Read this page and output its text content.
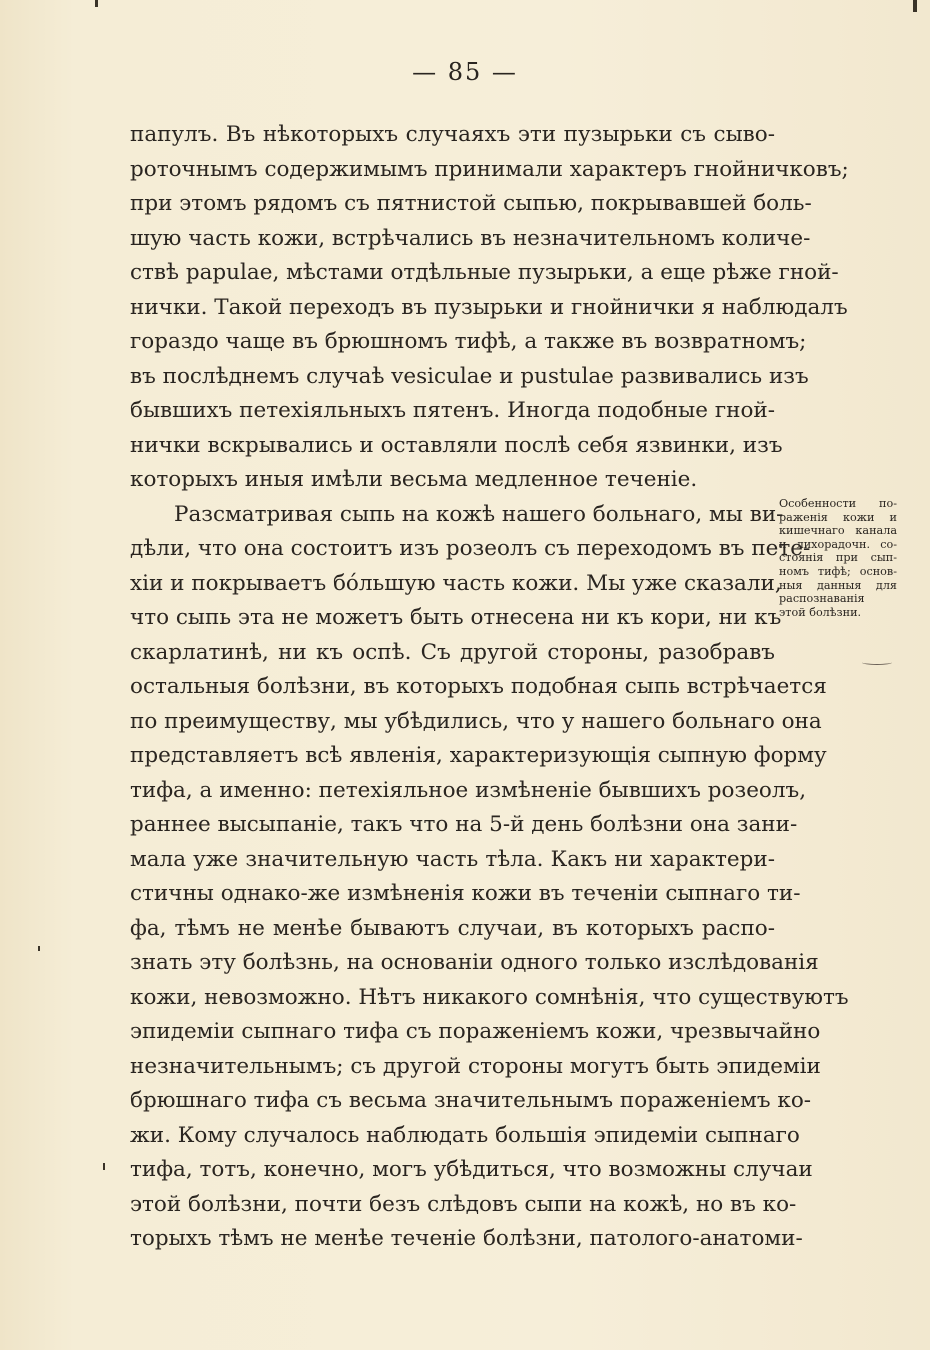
— 85 —
папулъ. Въ нѣкоторыхъ случаяхъ эти пузырьки съ сыво-
роточнымъ содержимымъ принимали характеръ гнойничковъ;
при этомъ рядомъ съ пятнистой сыпью, покрывавшей боль-
шую часть кожи, встрѣчались въ незначительномъ количе-
ствѣ papulae, мѣстами отдѣльные пузырьки, а еще рѣже гной-
нички. Такой переходъ въ пузырьки и гнойнички я наблюдалъ
гораздо чаще въ брюшномъ тифѣ, а также въ возвратномъ;
въ послѣднемъ случаѣ vesiculae и pustulae развивались изъ
бывшихъ петехіяльныхъ пятенъ. Иногда подобные гной-
нички вскрывались и оставляли послѣ себя язвинки, изъ
которыхъ иныя имѣли весьма медленное теченіе.
Разсматривая сыпь на кожѣ нашего больнаго, мы ви-
дѣли, что она состоитъ изъ розеолъ съ переходомъ въ пете-
хіи и покрываетъ бóльшую часть кожи. Мы уже сказали,
что сыпь эта не можетъ быть отнесена ни къ кори, ни къ
скарлатинѣ, ни къ оспѣ. Съ другой стороны, разобравъ
остальныя болѣзни, въ которыхъ подобная сыпь встрѣчается
по преимуществу, мы убѣдились, что у нашего больнаго она
представляетъ всѣ явленія, характеризующія сыпную форму
тифа, а именно: петехіяльное измѣненіе бывшихъ розеолъ,
раннее высыпаніе, такъ что на 5-й день болѣзни она зани-
мала уже значительную часть тѣла. Какъ ни характери-
стичны однако-же измѣненія кожи въ теченіи сыпнаго ти-
фа, тѣмъ не менѣе бываютъ случаи, въ которыхъ распо-
знать эту болѣзнь, на основаніи одного только изслѣдованія
кожи, невозможно. Нѣтъ никакого сомнѣнія, что существуютъ
эпидеміи сыпнаго тифа съ пораженіемъ кожи, чрезвычайно
незначительнымъ; съ другой стороны могутъ быть эпидеміи
брюшнаго тифа съ весьма значительнымъ пораженіемъ ко-
жи. Кому случалось наблюдать большія эпидеміи сыпнаго
тифа, тотъ, конечно, могъ убѣдиться, что возможны случаи
этой болѣзни, почти безъ слѣдовъ сыпи на кожѣ, но въ ко-
торыхъ тѣмъ не менѣе теченіе болѣзни, патолого-анатоми-
Особенности по-
раженія кожи и
кишечнаго канала
и лихорадочн. со-
стоянія при сып-
номъ тифѣ; основ-
ныя данныя для
распознаванія
этой болѣзни.
